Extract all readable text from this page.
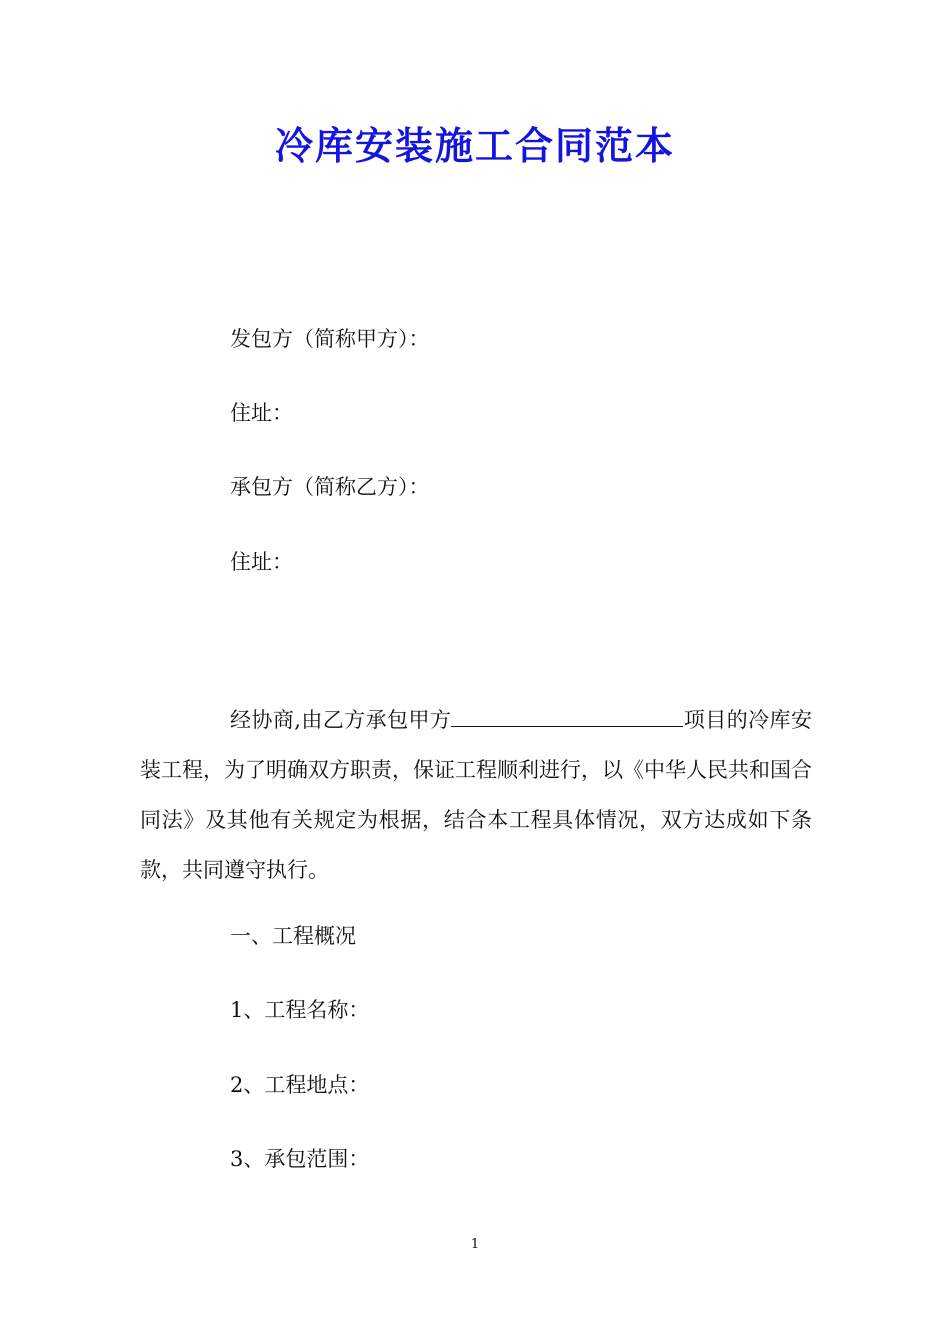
冷库安装施工合同范本

发包方（简称甲方）：

住址：

承包方（简称乙方）：

住址：

经协商,由乙方承包甲方	项目的冷库安装工程，为了明确双方职责，保证工程顺利进行，以《中华人民共和国合同法》及其他有关规定为根据，结合本工程具体情况，双方达成如下条款，共同遵守执行。

一、工程概况

1、工程名称：

2、工程地点：

3、承包范围：

1
